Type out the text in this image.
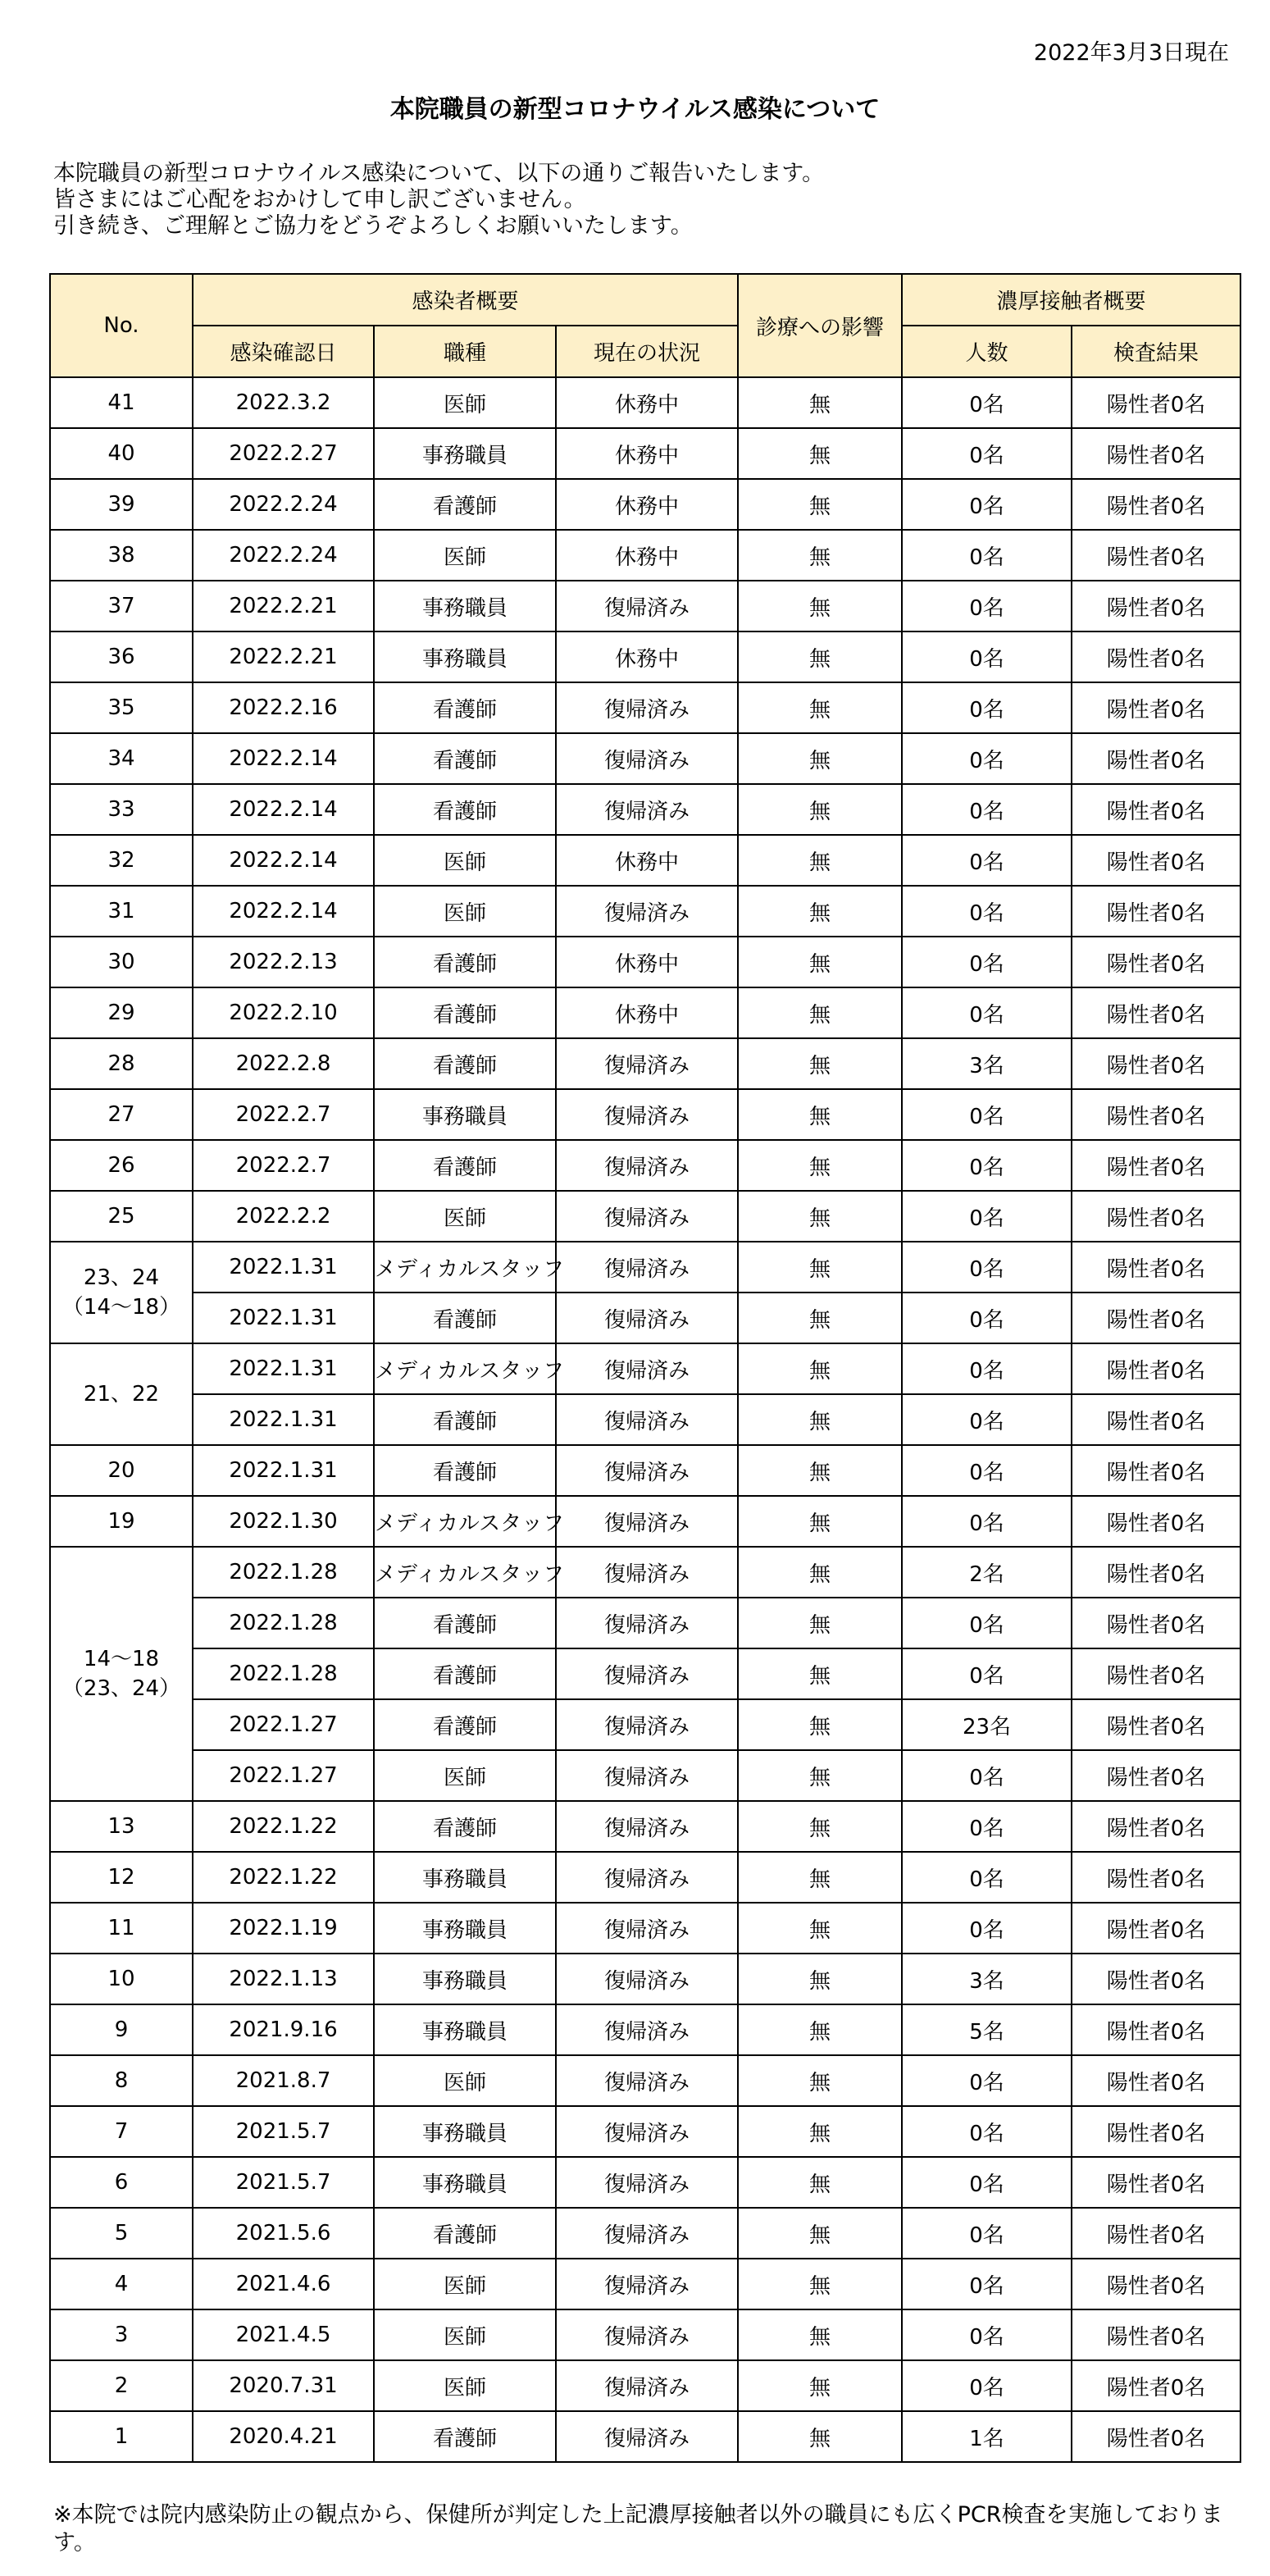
2022年3月3日現在
本院職員の新型コロナウイルス感染について
本院職員の新型コロナウイルス感染について、以下の通りご報告いたします。
皆さまにはご心配をおかけして申し訳ございません。
引き続き、ご理解とご協力をどうぞよろしくお願いいたします。
No.	感染者概要			診療への影響	濃厚接触者概要	
	感染確認日	職種	現在の状況		人数	検査結果
41	2022.3.2	医師	休務中	無	0名	陽性者0名
40	2022.2.27	事務職員	休務中	無	0名	陽性者0名
39	2022.2.24	看護師	休務中	無	0名	陽性者0名
38	2022.2.24	医師	休務中	無	0名	陽性者0名
37	2022.2.21	事務職員	復帰済み	無	0名	陽性者0名
36	2022.2.21	事務職員	休務中	無	0名	陽性者0名
35	2022.2.16	看護師	復帰済み	無	0名	陽性者0名
34	2022.2.14	看護師	復帰済み	無	0名	陽性者0名
33	2022.2.14	看護師	復帰済み	無	0名	陽性者0名
32	2022.2.14	医師	休務中	無	0名	陽性者0名
31	2022.2.14	医師	復帰済み	無	0名	陽性者0名
30	2022.2.13	看護師	休務中	無	0名	陽性者0名
29	2022.2.10	看護師	休務中	無	0名	陽性者0名
28	2022.2.8	看護師	復帰済み	無	3名	陽性者0名
27	2022.2.7	事務職員	復帰済み	無	0名	陽性者0名
26	2022.2.7	看護師	復帰済み	無	0名	陽性者0名
25	2022.2.2	医師	復帰済み	無	0名	陽性者0名
23、24
（14〜18）	2022.1.31	メディカルスタッフ	復帰済み	無	0名	陽性者0名
	2022.1.31	看護師	復帰済み	無	0名	陽性者0名
21、22	2022.1.31	メディカルスタッフ	復帰済み	無	0名	陽性者0名
	2022.1.31	看護師	復帰済み	無	0名	陽性者0名
20	2022.1.31	看護師	復帰済み	無	0名	陽性者0名
19	2022.1.30	メディカルスタッフ	復帰済み	無	0名	陽性者0名
14〜18
（23、24）	2022.1.28	メディカルスタッフ	復帰済み	無	2名	陽性者0名
	2022.1.28	看護師	復帰済み	無	0名	陽性者0名
	2022.1.28	看護師	復帰済み	無	0名	陽性者0名
	2022.1.27	看護師	復帰済み	無	23名	陽性者0名
	2022.1.27	医師	復帰済み	無	0名	陽性者0名
13	2022.1.22	看護師	復帰済み	無	0名	陽性者0名
12	2022.1.22	事務職員	復帰済み	無	0名	陽性者0名
11	2022.1.19	事務職員	復帰済み	無	0名	陽性者0名
10	2022.1.13	事務職員	復帰済み	無	3名	陽性者0名
9	2021.9.16	事務職員	復帰済み	無	5名	陽性者0名
8	2021.8.7	医師	復帰済み	無	0名	陽性者0名
7	2021.5.7	事務職員	復帰済み	無	0名	陽性者0名
6	2021.5.7	事務職員	復帰済み	無	0名	陽性者0名
5	2021.5.6	看護師	復帰済み	無	0名	陽性者0名
4	2021.4.6	医師	復帰済み	無	0名	陽性者0名
3	2021.4.5	医師	復帰済み	無	0名	陽性者0名
2	2020.7.31	医師	復帰済み	無	0名	陽性者0名
1	2020.4.21	看護師	復帰済み	無	1名	陽性者0名
※本院では院内感染防止の観点から、保健所が判定した上記濃厚接触者以外の職員にも広くPCR検査を実施しております。
